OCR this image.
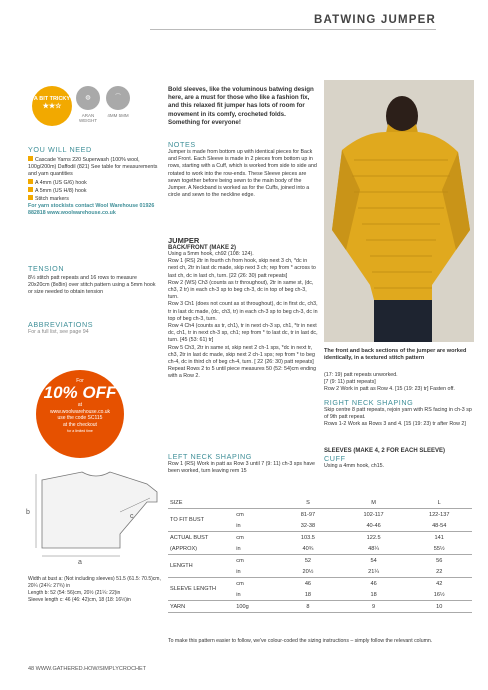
BATWING JUMPER
A BIT TRICKY
★★☆
◍
ARAN WEIGHT
⌒
4MM 5MM
YOU WILL NEED
Cascade Yarns 220 Superwash (100% wool, 100g/200m) Daffodil (821) See table for measurements and yarn quantities
A 4mm (US G/6) hook
A 5mm (US H/8) hook
Stitch markers
For yarn stockists contact Wool Warehouse 01926 882818 www.woolwarehouse.co.uk
TENSION
8½ stitch patt repeats and 16 rows to measure 20x20cm (8x8in) over stitch pattern using a 5mm hook or size needed to obtain tension
ABBREVIATIONS
For a full list, see page 94
For
10% OFF
at
www.woolwarehouse.co.uk
use the code SC115
at the checkout
for a limited time
b
a
c
Width at bust a: (Not including sleeves) 51.5 (61.5: 70.5)cm, 20¼ (24¼: 27¾) in
Length b: 52 (54: 56)cm, 20½ (21¼: 22)in
Sleeve length c: 46 (46: 42)cm, 18 (18: 16½)in
Bold sleeves, like the voluminous batwing design here, are a must for those who like a fashion fix, and this relaxed fit jumper has lots of room for movement in its comfy, crocheted folds. Something for everyone!
NOTES
Jumper is made from bottom up with identical pieces for Back and Front. Each Sleeve is made in 2 pieces from bottom up in rows, starting with a Cuff, which is worked from side to side and rotated to work into the row-ends. These Sleeve pieces are sewn together before being sewn to the main body of the Jumper. A Neckband is worked as for the Cuffs, joined into a circle and sewn to the neckline edge.
JUMPER
BACK/FRONT (MAKE 2)
Using a 5mm hook, ch92 (108: 124).
Row 1 (RS) 2tr in fourth ch from hook, skip next 3 ch, *dc in next ch, 2tr in last dc made, skip next 3 ch; rep from * across to last ch, dc in last ch, turn. [22 (26: 30) patt repeats]
Row 2 (WS) Ch3 (counts as tr throughout), 2tr in same st, (dc, ch3, 2 tr) in each ch-3 sp to beg ch-3, dc in top of beg ch-3, turn.
Row 3 Ch1 (does not count as st throughout), dc in first dc, ch3, tr in last dc made, (dc, ch3, tr) in each ch-3 sp to beg ch-3, dc in top of beg ch-3, turn.
Row 4 Ch4 (counts as tr, ch1), tr in next ch-3 sp, ch1, *tr in next dc, ch1, tr in next ch-3 sp, ch1; rep from * to last dc, tr in last dc, turn. [45 (53: 61) tr]
Row 5 Ch3, 2tr in same st, skip next 2 ch-1 sps, *dc in next tr, ch3, 2tr in last dc made, skip next 2 ch-1 sps; rep from * to beg ch-4, dc in third ch of beg ch-4, turn. [ 22 (26: 30) patt repeats]
Repeat Rows 2 to 5 until piece measures 50 (52: 54)cm ending with a Row 2.
LEFT NECK SHAPING
Row 1 (RS) Work in patt as Row 3 until 7 (9: 11) ch-3 sps have been worked, turn leaving rem 15
The front and back sections of the jumper are worked identically, in a textured stitch pattern
(17: 19) patt repeats unworked.
[7 (9: 11) patt repeats]
Row 2 Work in patt as Row 4. [15 (19: 23) tr] Fasten off.
RIGHT NECK SHAPING
Skip centre 8 patt repeats, rejoin yarn with RS facing in ch-3 sp of 9th patt repeat.
Rows 1-2 Work as Rows 3 and 4. [15 (19: 23) tr after Row 2]
SLEEVES (MAKE 4, 2 FOR EACH SLEEVE)
CUFF
Using a 4mm hook, ch15.
SIZE		S	M	L
TO FIT BUST	cm	81-97	102-117	122-137
	in	32-38	40-46	48-54
ACTUAL BUST	cm	103.5	122.5	141
(APPROX)	in	40¾	48¼	55½
LENGTH	cm	52	54	56
	in	20½	21¼	22
SLEEVE LENGTH	cm	46	46	42
	in	18	18	16½
YARN	100g	8	9	10
To make this pattern easier to follow, we've colour-coded the sizing instructions – simply follow the relevant column.
48 WWW.GATHERED.HOW/SIMPLYCROCHET
